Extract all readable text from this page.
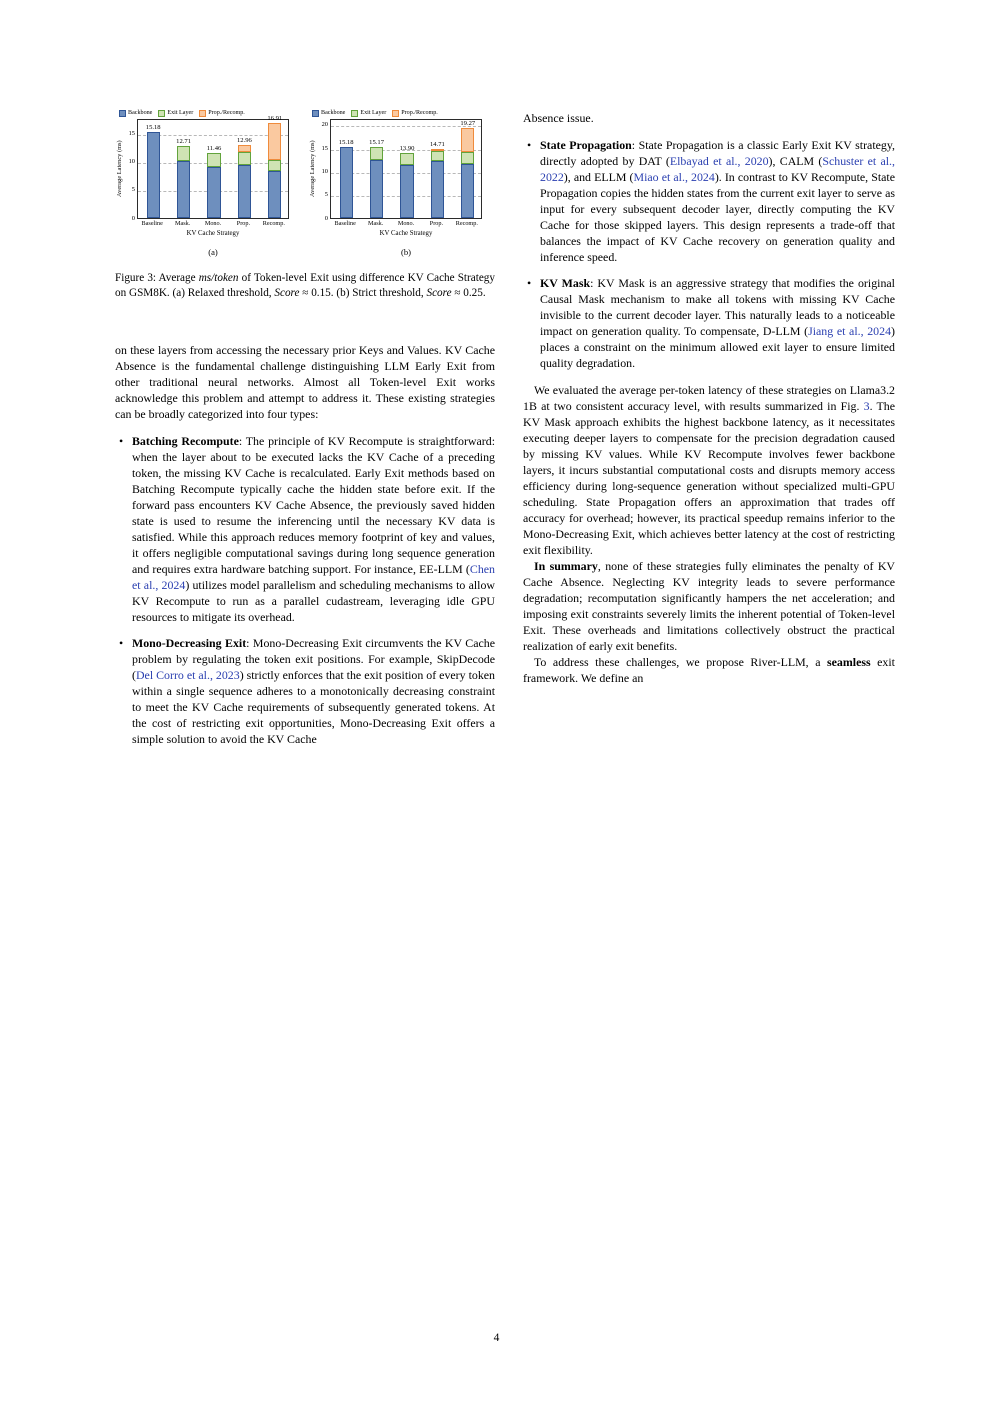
Backbone Exit Layer Prop./Recomp.
Average Latency (ms)
0
5
10
15
15.18
12.71
11.46
12.96
16.91
Baseline Mask. Mono.	Prop. Recomp.
KV Cache Strategy
(a)
Backbone Exit Layer Prop./Recomp.
Average Latency (ms)
0
5
10
15
20
15.18 15.17
13.90
14.71
19.27
Baseline Mask. Mono.	Prop. Recomp.
KV Cache Strategy
(b)
Figure 3: Average ms/token of Token-level Exit using difference KV Cache Strategy on GSM8K. (a) Relaxed threshold, Score ≈ 0.15. (b) Strict threshold, Score ≈ 0.25.

on these layers from accessing the necessary prior Keys and Values. KV Cache Absence is the fundamental challenge distinguishing LLM Early Exit from other traditional neural networks. Almost all Token-level Exit works acknowledge this problem and attempt to address it. These existing strategies can be broadly categorized into four types:

• Batching Recompute: The principle of KV Recompute is straightforward: when the layer about to be executed lacks the KV Cache of a preceding token, the missing KV Cache is recalculated. Early Exit methods based on Batching Recompute typically cache the hidden state before exit. If the forward pass encounters KV Cache Absence, the previously saved hidden state is used to resume the inferencing until the necessary KV data is satisfied. While this approach reduces memory footprint of key and values, it offers negligible computational savings during long sequence generation and requires extra hardware batching support. For instance, EE-LLM (Chen et al., 2024) utilizes model parallelism and scheduling mechanisms to allow KV Recompute to run as a parallel cudastream, leveraging idle GPU resources to mitigate its overhead.
• Mono-Decreasing Exit: Mono-Decreasing Exit circumvents the KV Cache problem by regulating the token exit positions. For example, SkipDecode (Del Corro et al., 2023) strictly enforces that the exit position of every token within a single sequence adheres to a monotonically decreasing constraint to meet the KV Cache requirements of subsequently generated tokens. At the cost of restricting exit opportunities, Mono-Decreasing Exit offers a simple solution to avoid the KV Cache

Absence issue.

• State Propagation: State Propagation is a classic Early Exit KV strategy, directly adopted by DAT (Elbayad et al., 2020), CALM (Schuster et al., 2022), and ELLM (Miao et al., 2024). In contrast to KV Recompute, State Propagation copies the hidden states from the current exit layer to serve as input for every subsequent decoder layer, directly computing the KV Cache for those skipped layers. This design represents a trade-off that balances the impact of KV Cache recovery on generation quality and inference speed.
• KV Mask: KV Mask is an aggressive strategy that modifies the original Causal Mask mechanism to make all tokens with missing KV Cache invisible to the current decoder layer. This naturally leads to a noticeable impact on generation quality. To compensate, D-LLM (Jiang et al., 2024) places a constraint on the minimum allowed exit layer to ensure limited quality degradation.

We evaluated the average per-token latency of these strategies on Llama3.2 1B at two consistent accuracy level, with results summarized in Fig. 3. The KV Mask approach exhibits the highest backbone latency, as it necessitates executing deeper layers to compensate for the precision degradation caused by missing KV values. While KV Recompute involves fewer backbone layers, it incurs substantial computational costs and disrupts memory access efficiency during long-sequence generation without specialized multi-GPU scheduling. State Propagation offers an approximation that trades off accuracy for overhead; however, its practical speedup remains inferior to the Mono-Decreasing Exit, which achieves better latency at the cost of restricting exit flexibility.

In summary, none of these strategies fully eliminates the penalty of KV Cache Absence. Neglecting KV integrity leads to severe performance degradation; recomputation significantly hampers the net acceleration; and imposing exit constraints severely limits the inherent potential of Token-level Exit. These overheads and limitations collectively obstruct the practical realization of early exit benefits.

To address these challenges, we propose River-LLM, a seamless exit framework. We define an

4
